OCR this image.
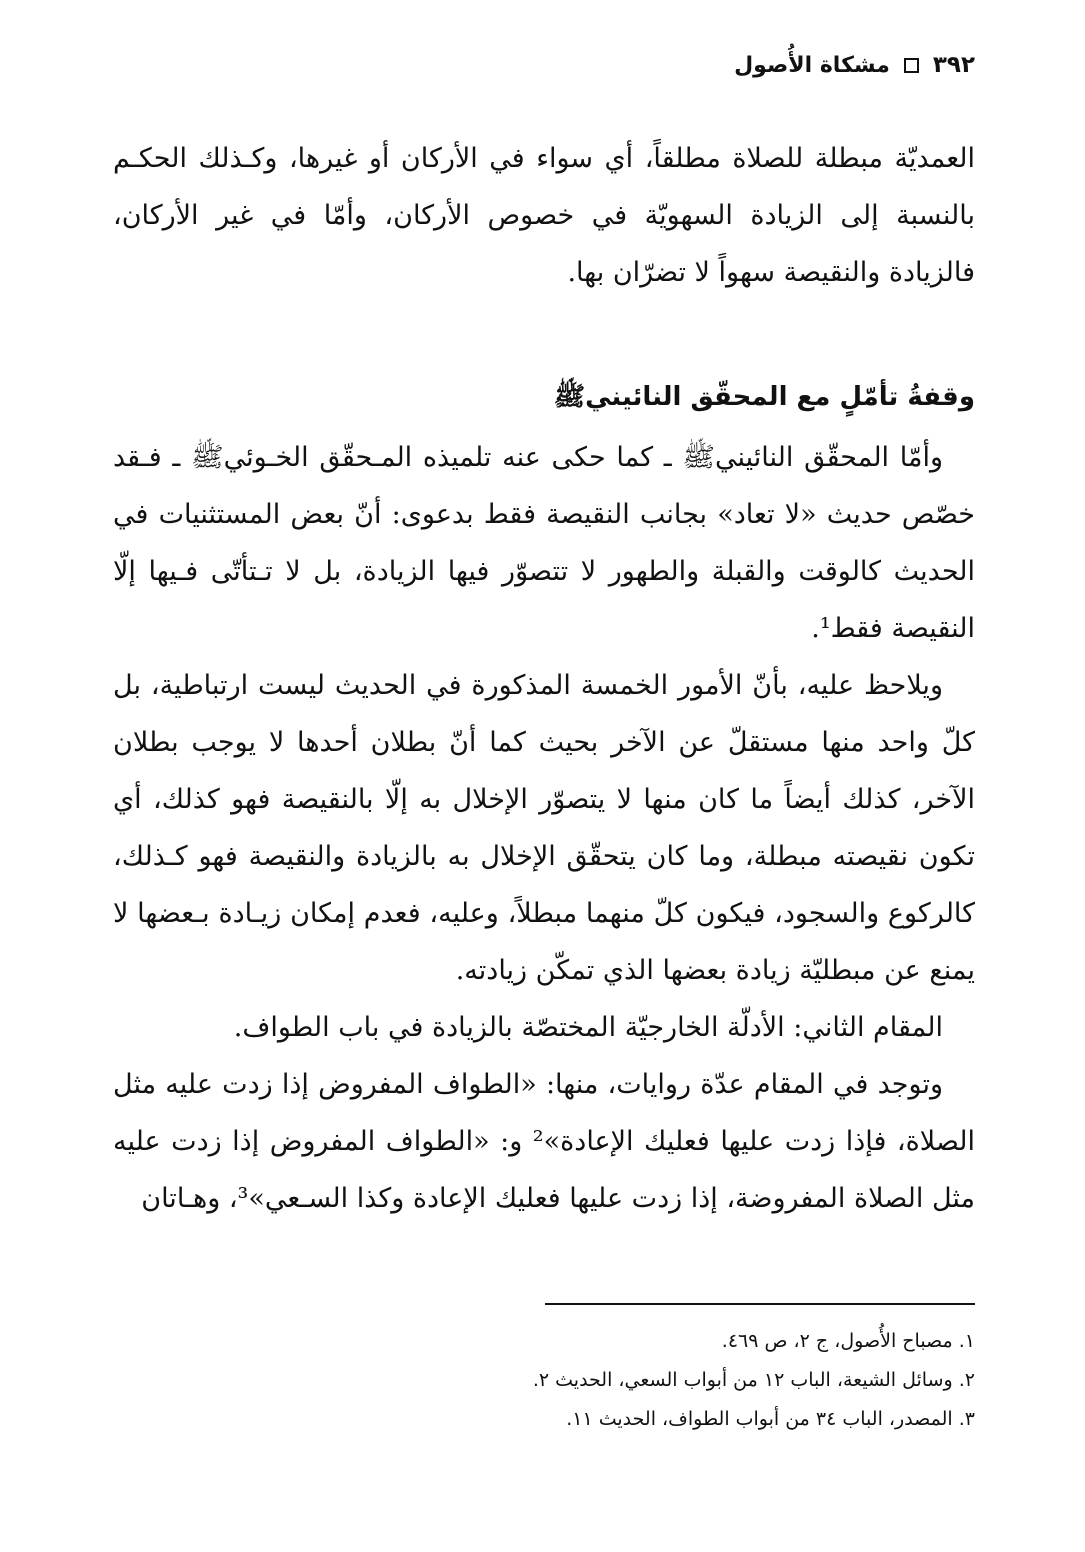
٣٩٢
مشكاة الأُصول

العمديّة مبطلة للصلاة مطلقاً، أي سواء في الأركان أو غيرها، وكـذلك الحكـم بالنسبة إلى الزيادة السهويّة في خصوص الأركان، وأمّا في غير الأركان، فالزيادة والنقيصة سهواً لا تضرّان بها.

وقفةُ تأمّلٍ مع المحقّق النائينيﷺ

وأمّا المحقّق النائينيﷺ ـ كما حكى عنه تلميذه المـحقّق الخـوئيﷺ ـ فـقد خصّص حديث «لا تعاد» بجانب النقيصة فقط بدعوى: أنّ بعض المستثنيات في الحديث كالوقت والقبلة والطهور لا تتصوّر فيها الزيادة، بل لا تـتأتّى فـيها إلّا النقيصة فقط¹.

ويلاحظ عليه، بأنّ الأمور الخمسة المذكورة في الحديث ليست ارتباطية، بل كلّ واحد منها مستقلّ عن الآخر بحيث كما أنّ بطلان أحدها لا يوجب بطلان الآخر، كذلك أيضاً ما كان منها لا يتصوّر الإخلال به إلّا بالنقيصة فهو كذلك، أي تكون نقيصته مبطلة، وما كان يتحقّق الإخلال به بالزيادة والنقيصة فهو كـذلك، كالركوع والسجود، فيكون كلّ منهما مبطلاً، وعليه، فعدم إمكان زيـادة بـعضها لا يمنع عن مبطليّة زيادة بعضها الذي تمكّن زيادته.

المقام الثاني: الأدلّة الخارجيّة المختصّة بالزيادة في باب الطواف.

وتوجد في المقام عدّة روايات، منها: «الطواف المفروض إذا زدت عليه مثل الصلاة، فإذا زدت عليها فعليك الإعادة»² و: «الطواف المفروض إذا زدت عليه مثل الصلاة المفروضة، إذا زدت عليها فعليك الإعادة وكذا السـعي»³، وهـاتان

١. مصباح الأُصول، ج ٢، ص ٤٦٩.
٢. وسائل الشيعة، الباب ١٢ من أبواب السعي، الحديث ٢.
٣. المصدر، الباب ٣٤ من أبواب الطواف، الحديث ١١.
